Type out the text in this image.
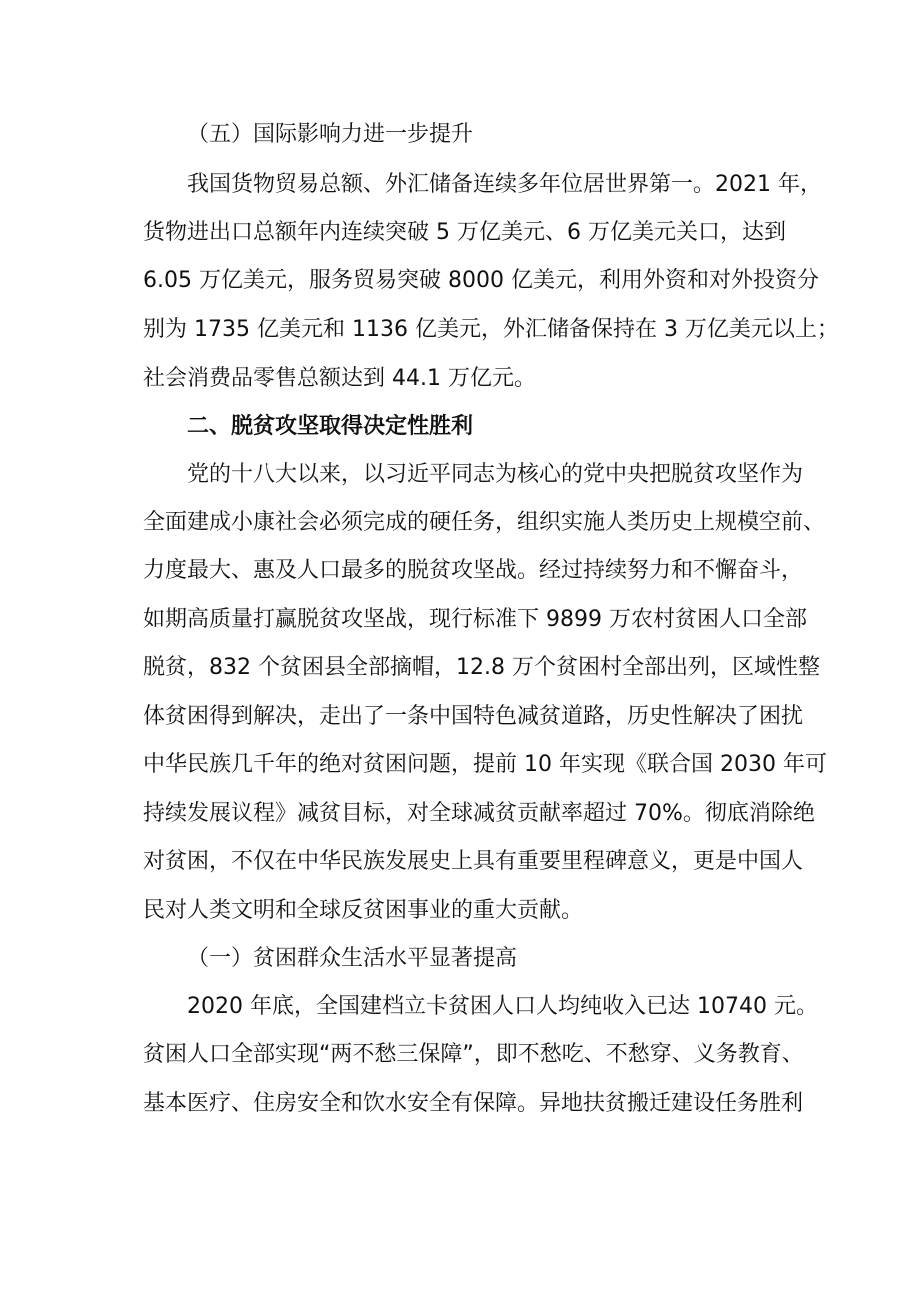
（五）国际影响力进一步提升
我国货物贸易总额、外汇储备连续多年位居世界第一。2021 年，
货物进出口总额年内连续突破 5 万亿美元、6 万亿美元关口，达到
6.05 万亿美元，服务贸易突破 8000 亿美元，利用外资和对外投资分
别为 1735 亿美元和 1136 亿美元，外汇储备保持在 3 万亿美元以上；
社会消费品零售总额达到 44.1 万亿元。
二、脱贫攻坚取得决定性胜利
党的十八大以来，以习近平同志为核心的党中央把脱贫攻坚作为
全面建成小康社会必须完成的硬任务，组织实施人类历史上规模空前、
力度最大、惠及人口最多的脱贫攻坚战。经过持续努力和不懈奋斗，
如期高质量打赢脱贫攻坚战，现行标准下 9899 万农村贫困人口全部
脱贫，832 个贫困县全部摘帽，12.8 万个贫困村全部出列，区域性整
体贫困得到解决，走出了一条中国特色减贫道路，历史性解决了困扰
中华民族几千年的绝对贫困问题，提前 10 年实现《联合国 2030 年可
持续发展议程》减贫目标，对全球减贫贡献率超过 70%。彻底消除绝
对贫困，不仅在中华民族发展史上具有重要里程碑意义，更是中国人
民对人类文明和全球反贫困事业的重大贡献。
（一）贫困群众生活水平显著提高
2020 年底，全国建档立卡贫困人口人均纯收入已达 10740 元。
贫困人口全部实现“两不愁三保障”，即不愁吃、不愁穿、义务教育、
基本医疗、住房安全和饮水安全有保障。异地扶贫搬迁建设任务胜利
